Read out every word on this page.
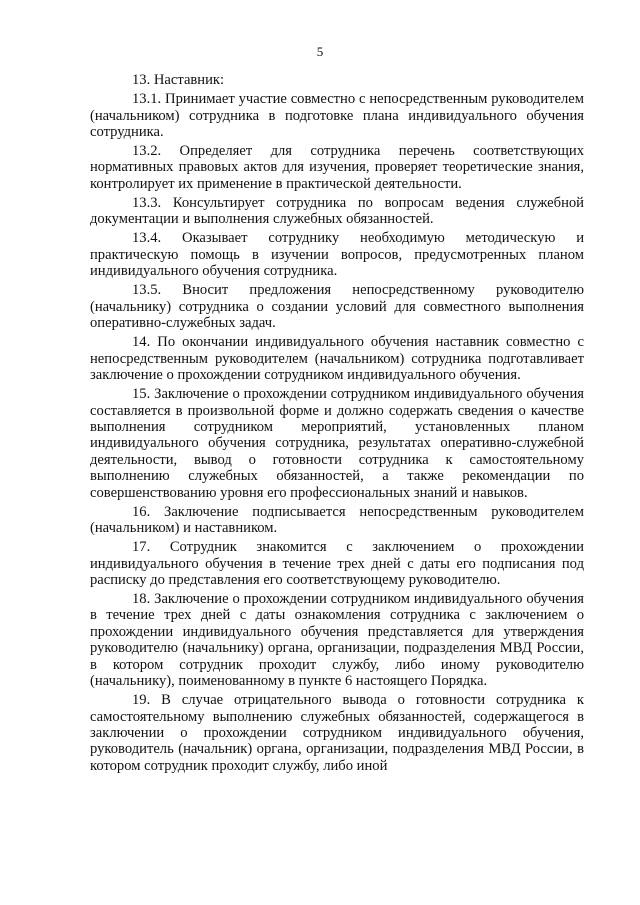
5

13. Наставник:

13.1. Принимает участие совместно с непосредственным руководителем (начальником) сотрудника в подготовке плана индивидуального обучения сотрудника.

13.2. Определяет для сотрудника перечень соответствующих нормативных правовых актов для изучения, проверяет теоретические знания, контролирует их применение в практической деятельности.

13.3. Консультирует сотрудника по вопросам ведения служебной документации и выполнения служебных обязанностей.

13.4. Оказывает сотруднику необходимую методическую и практическую помощь в изучении вопросов, предусмотренных планом индивидуального обучения сотрудника.

13.5. Вносит предложения непосредственному руководителю (начальнику) сотрудника о создании условий для совместного выполнения оперативно-служебных задач.

14. По окончании индивидуального обучения наставник совместно с непосредственным руководителем (начальником) сотрудника подготавливает заключение о прохождении сотрудником индивидуального обучения.

15. Заключение о прохождении сотрудником индивидуального обучения составляется в произвольной форме и должно содержать сведения о качестве выполнения сотрудником мероприятий, установленных планом индивидуального обучения сотрудника, результатах оперативно-служебной деятельности, вывод о готовности сотрудника к самостоятельному выполнению служебных обязанностей, а также рекомендации по совершенствованию уровня его профессиональных знаний и навыков.

16. Заключение подписывается непосредственным руководителем (начальником) и наставником.

17. Сотрудник знакомится с заключением о прохождении индивидуального обучения в течение трех дней с даты его подписания под расписку до представления его соответствующему руководителю.

18. Заключение о прохождении сотрудником индивидуального обучения в течение трех дней с даты ознакомления сотрудника с заключением о прохождении индивидуального обучения представляется для утверждения руководителю (начальнику) органа, организации, подразделения МВД России, в котором сотрудник проходит службу, либо иному руководителю (начальнику), поименованному в пункте 6 настоящего Порядка.

19. В случае отрицательного вывода о готовности сотрудника к самостоятельному выполнению служебных обязанностей, содержащегося в заключении о прохождении сотрудником индивидуального обучения, руководитель (начальник) органа, организации, подразделения МВД России, в котором сотрудник проходит службу, либо иной
